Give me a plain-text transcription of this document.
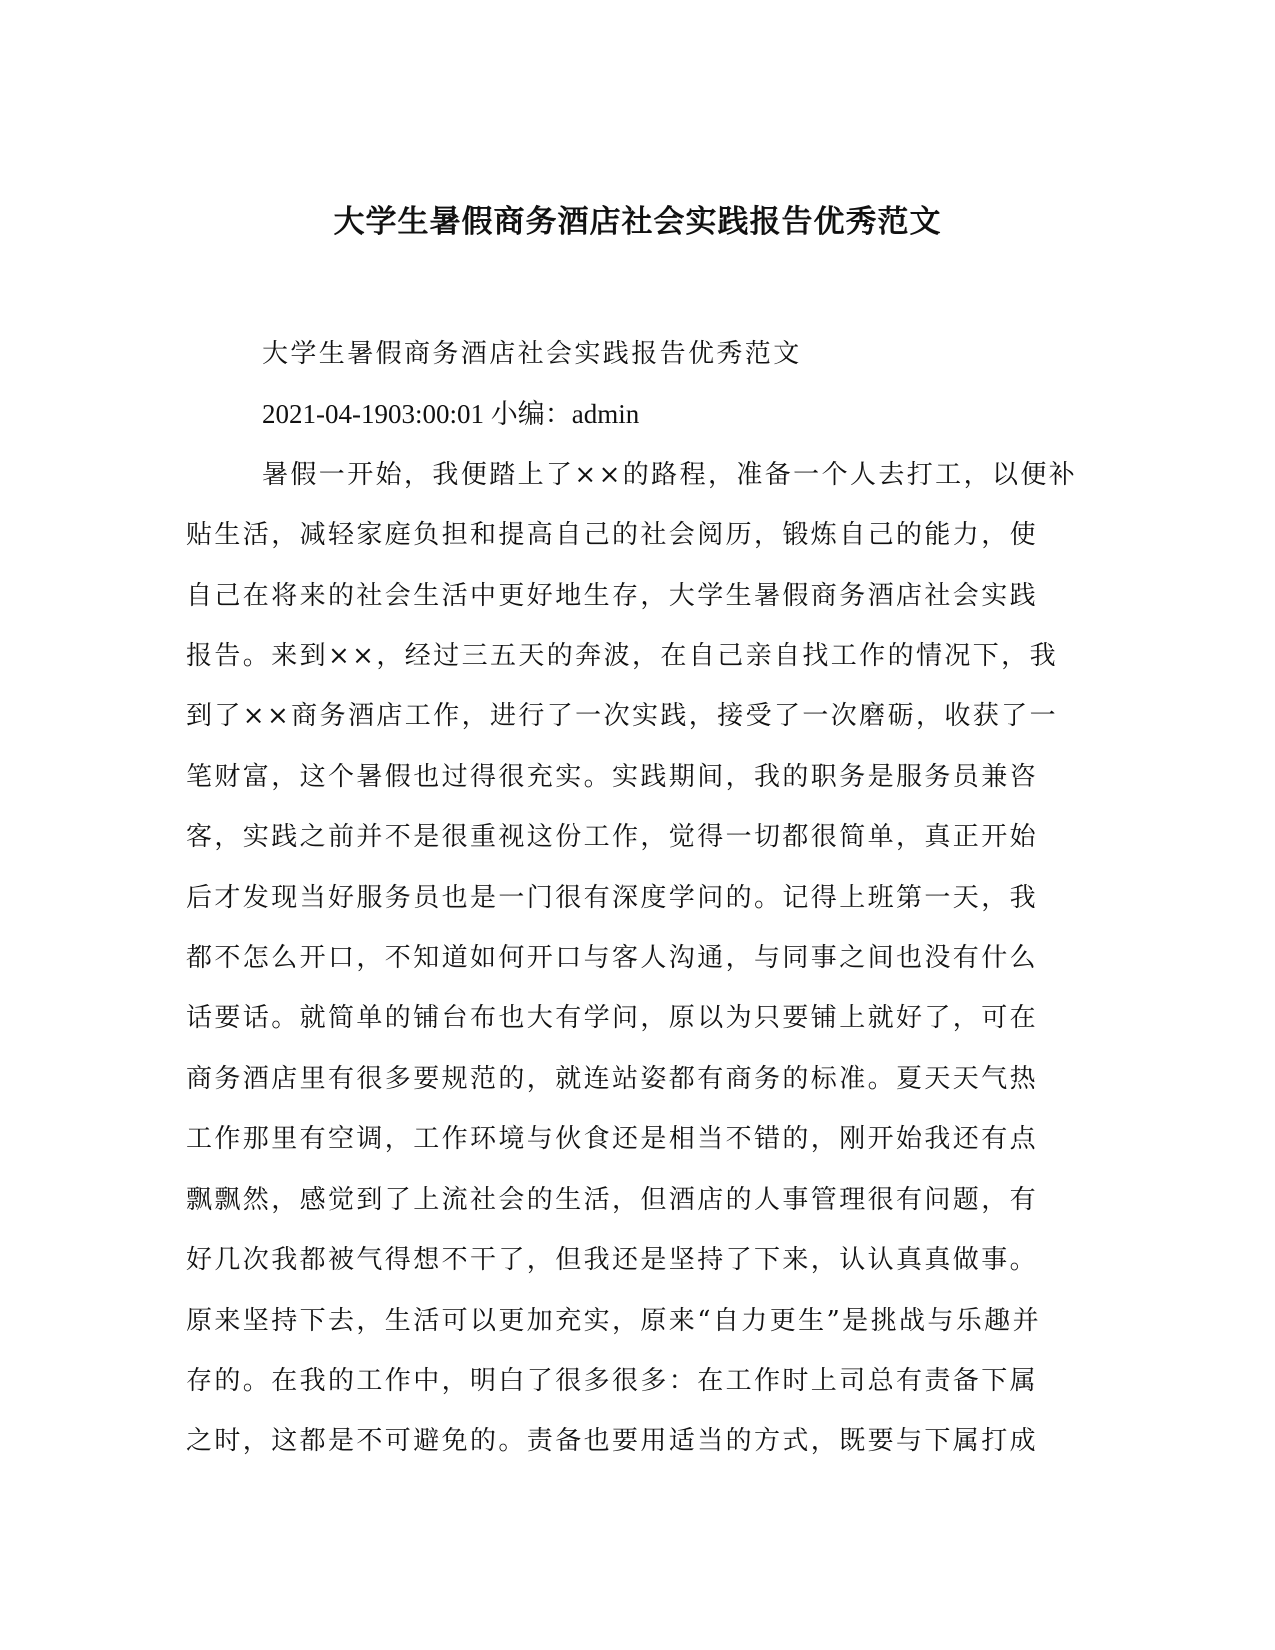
大学生暑假商务酒店社会实践报告优秀范文

大学生暑假商务酒店社会实践报告优秀范文

2021-04-1903:00:01 小编：admin

暑假一开始，我便踏上了××的路程，准备一个人去打工，以便补

贴生活，减轻家庭负担和提高自己的社会阅历，锻炼自己的能力，使

自己在将来的社会生活中更好地生存，大学生暑假商务酒店社会实践

报告。来到××，经过三五天的奔波，在自己亲自找工作的情况下，我

到了××商务酒店工作，进行了一次实践，接受了一次磨砺，收获了一

笔财富，这个暑假也过得很充实。实践期间，我的职务是服务员兼咨

客，实践之前并不是很重视这份工作，觉得一切都很简单，真正开始

后才发现当好服务员也是一门很有深度学问的。记得上班第一天，我

都不怎么开口，不知道如何开口与客人沟通，与同事之间也没有什么

话要话。就简单的铺台布也大有学问，原以为只要铺上就好了，可在

商务酒店里有很多要规范的，就连站姿都有商务的标准。夏天天气热

工作那里有空调，工作环境与伙食还是相当不错的，刚开始我还有点

飘飘然，感觉到了上流社会的生活，但酒店的人事管理很有问题，有

好几次我都被气得想不干了，但我还是坚持了下来，认认真真做事。

原来坚持下去，生活可以更加充实，原来“自力更生”是挑战与乐趣并

存的。在我的工作中，明白了很多很多：在工作时上司总有责备下属

之时，这都是不可避免的。责备也要用适当的方式，既要与下属打成
